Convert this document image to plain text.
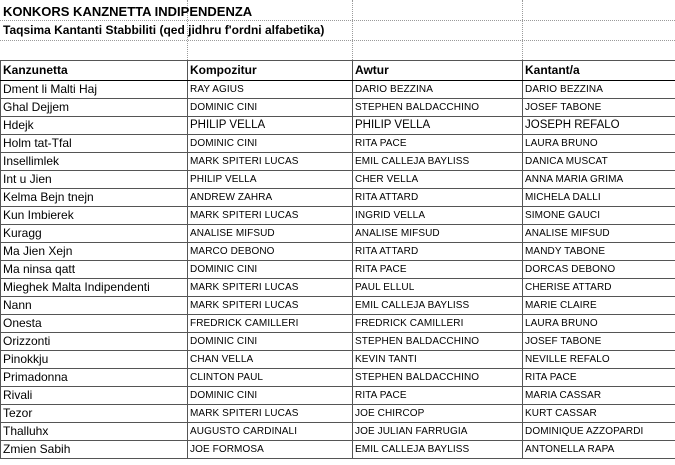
KONKORS KANZNETTA INDIPENDENZA
Taqsima Kantanti Stabbiliti (qed jidhru f'ordni alfabetika)
Kanzunetta	Kompozitur	Awtur	Kantant/a
Dment li Malti Haj	RAY AGIUS	DARIO BEZZINA	DARIO BEZZINA
Ghal Dejjem	DOMINIC CINI	STEPHEN BALDACCHINO	JOSEF TABONE
Hdejk	PHILIP VELLA	PHILIP VELLA	JOSEPH REFALO
Holm tat-Tfal	DOMINIC CINI	RITA PACE	LAURA BRUNO
Insellimlek	MARK SPITERI LUCAS	EMIL CALLEJA BAYLISS	DANICA MUSCAT
Int u Jien	PHILIP VELLA	CHER VELLA	ANNA MARIA GRIMA
Kelma Bejn tnejn	ANDREW ZAHRA	RITA ATTARD	MICHELA DALLI
Kun Imbierek	MARK SPITERI LUCAS	INGRID VELLA	SIMONE GAUCI
Kuragg	ANALISE MIFSUD	ANALISE MIFSUD	ANALISE MIFSUD
Ma Jien Xejn	MARCO DEBONO	RITA ATTARD	MANDY TABONE
Ma ninsa qatt	DOMINIC CINI	RITA PACE	DORCAS DEBONO
Mieghek Malta Indipendenti	MARK SPITERI LUCAS	PAUL ELLUL	CHERISE ATTARD
Nann	MARK SPITERI LUCAS	EMIL CALLEJA BAYLISS	MARIE CLAIRE
Onesta	FREDRICK CAMILLERI	FREDRICK CAMILLERI	LAURA BRUNO
Orizzonti	DOMINIC CINI	STEPHEN BALDACCHINO	JOSEF TABONE
Pinokkju	CHAN VELLA	KEVIN TANTI	NEVILLE REFALO
Primadonna	CLINTON PAUL	STEPHEN BALDACCHINO	RITA PACE
Rivali	DOMINIC CINI	RITA PACE	MARIA CASSAR
Tezor	MARK SPITERI LUCAS	JOE CHIRCOP	KURT CASSAR
Thalluhx	AUGUSTO CARDINALI	JOE JULIAN FARRUGIA	DOMINIQUE AZZOPARDI
Zmien Sabih	JOE FORMOSA	EMIL CALLEJA BAYLISS	ANTONELLA RAPA
